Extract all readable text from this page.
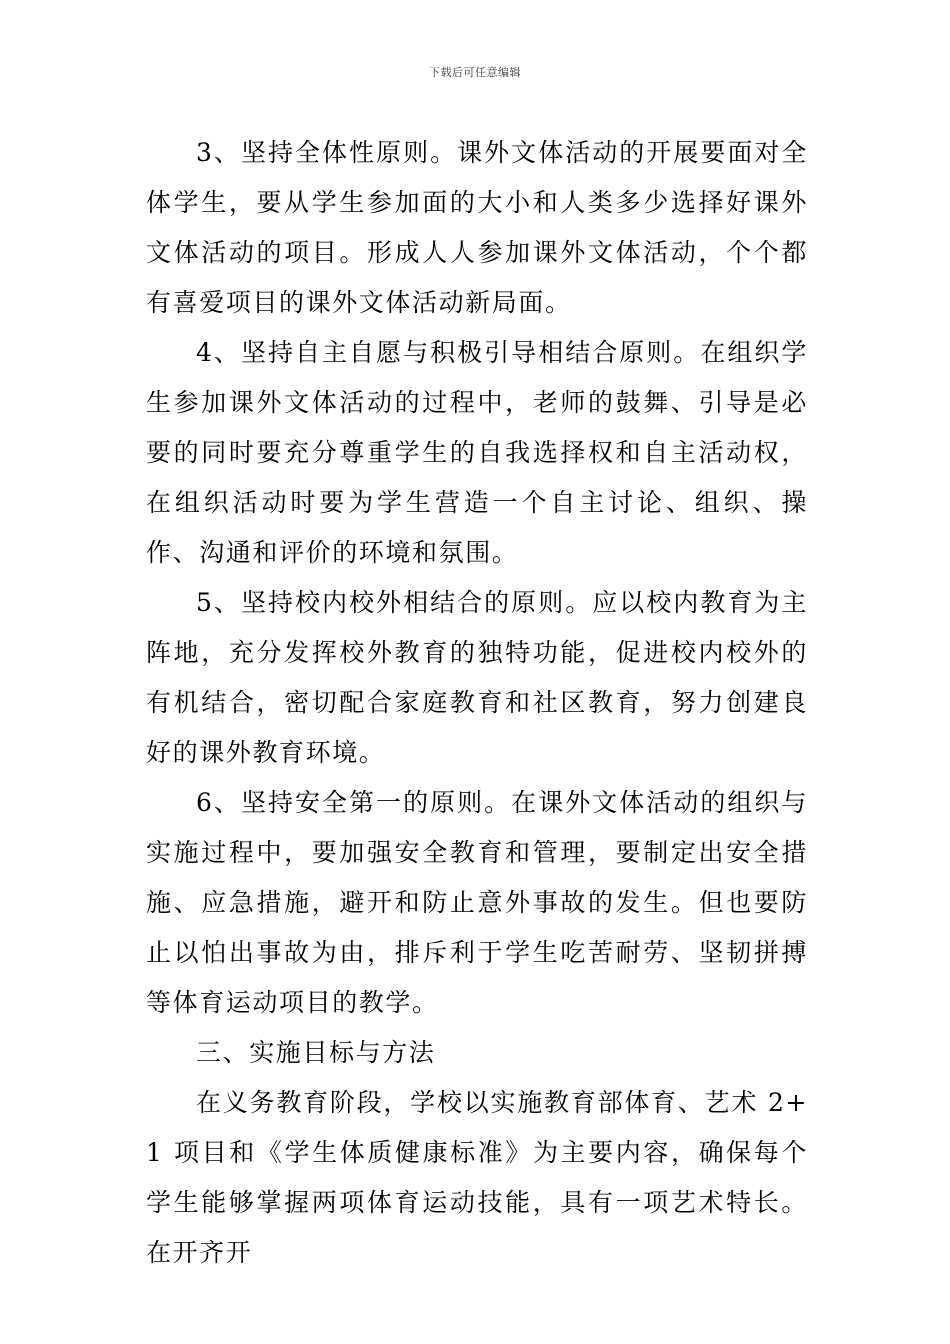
下载后可任意编辑

3、坚持全体性原则。课外文体活动的开展要面对全体学生，要从学生参加面的大小和人类多少选择好课外文体活动的项目。形成人人参加课外文体活动，个个都有喜爱项目的课外文体活动新局面。

4、坚持自主自愿与积极引导相结合原则。在组织学生参加课外文体活动的过程中，老师的鼓舞、引导是必要的同时要充分尊重学生的自我选择权和自主活动权，在组织活动时要为学生营造一个自主讨论、组织、操作、沟通和评价的环境和氛围。

5、坚持校内校外相结合的原则。应以校内教育为主阵地，充分发挥校外教育的独特功能，促进校内校外的有机结合，密切配合家庭教育和社区教育，努力创建良好的课外教育环境。

6、坚持安全第一的原则。在课外文体活动的组织与实施过程中，要加强安全教育和管理，要制定出安全措施、应急措施，避开和防止意外事故的发生。但也要防止以怕出事故为由，排斥利于学生吃苦耐劳、坚韧拼搏等体育运动项目的教学。

三、实施目标与方法

在义务教育阶段，学校以实施教育部体育、艺术 2+1 项目和《学生体质健康标准》为主要内容，确保每个学生能够掌握两项体育运动技能，具有一项艺术特长。在开齐开
